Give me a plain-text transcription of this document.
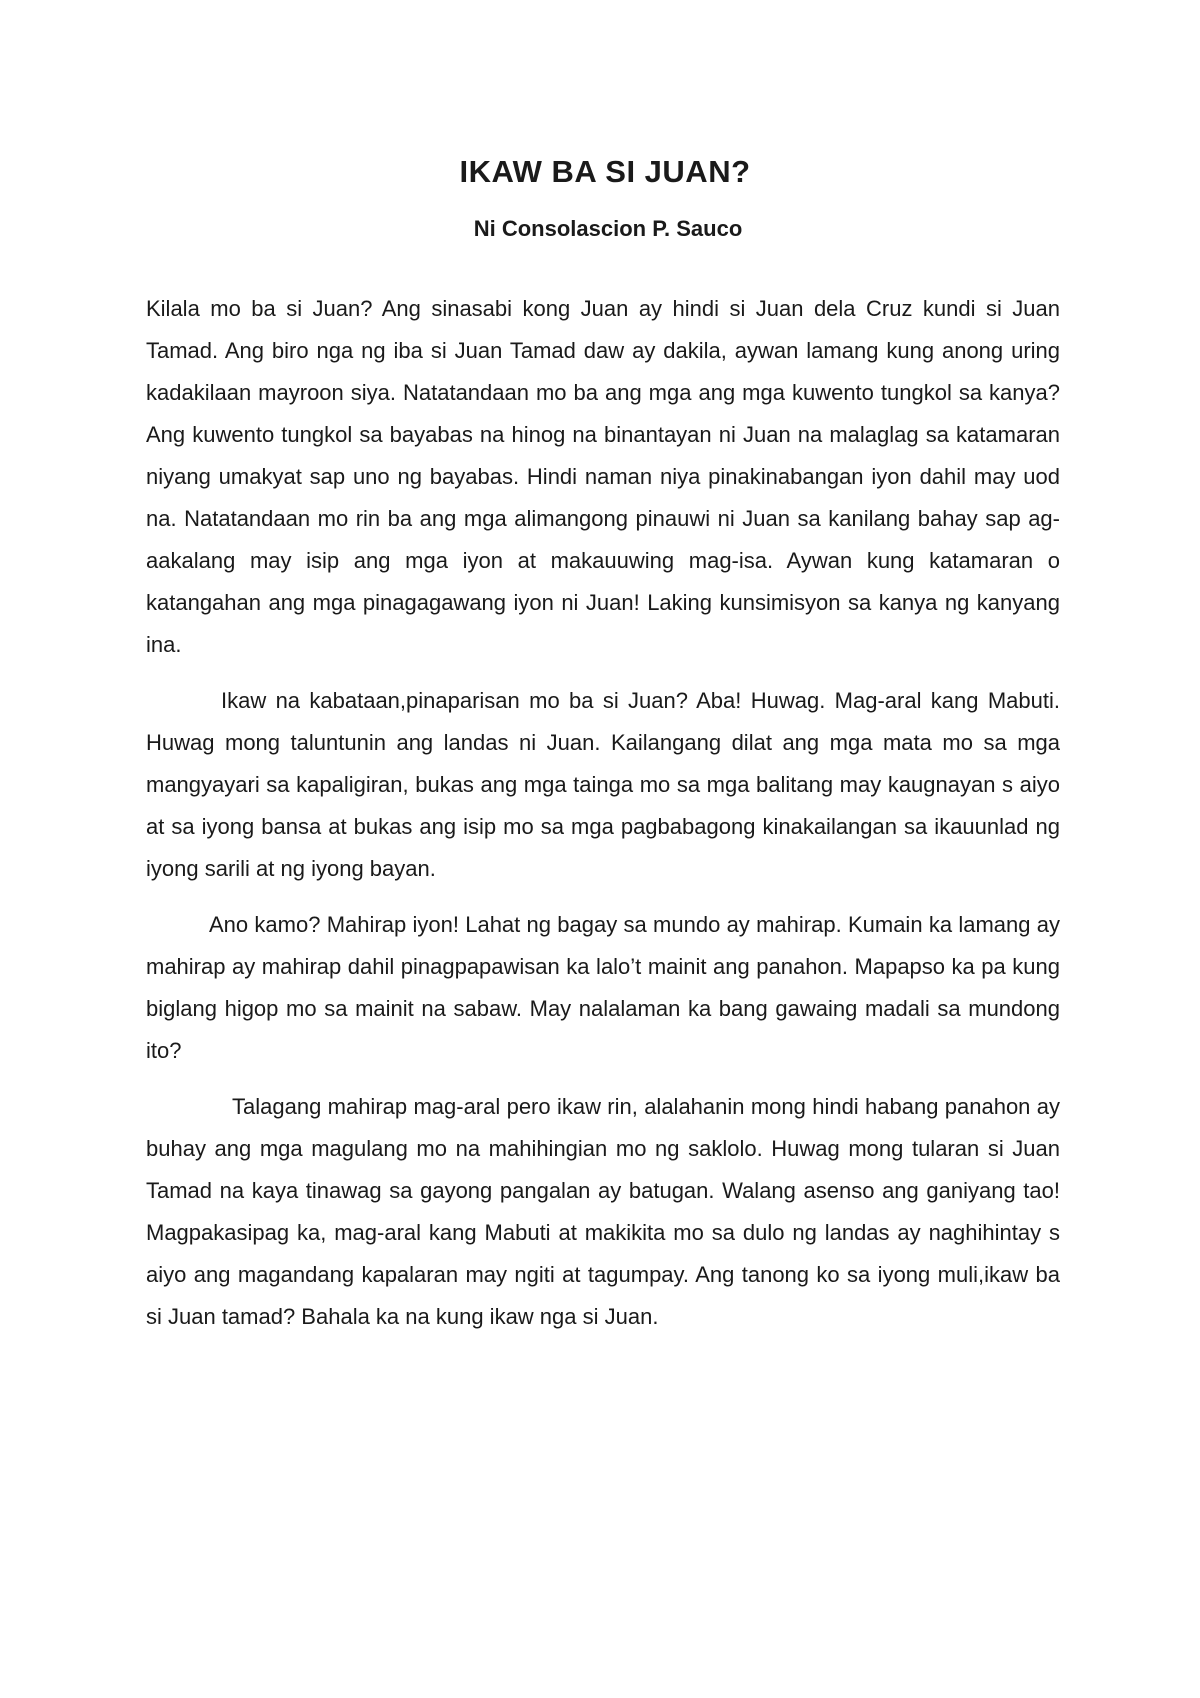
IKAW BA SI JUAN?

Ni Consolascion P. Sauco

Kilala mo ba si Juan? Ang sinasabi kong Juan ay hindi si Juan dela Cruz kundi si Juan Tamad. Ang biro nga ng iba si Juan Tamad daw ay dakila, aywan lamang kung anong uring kadakilaan mayroon siya. Natatandaan mo ba ang mga ang mga kuwento tungkol sa kanya? Ang kuwento tungkol sa bayabas na hinog na binantayan ni Juan na malaglag sa katamaran niyang umakyat sap uno ng bayabas. Hindi naman niya pinakinabangan iyon dahil may uod na. Natatandaan mo rin ba ang mga alimangong pinauwi ni Juan sa kanilang bahay sap ag-aakalang may isip ang mga iyon at makauuwing mag-isa. Aywan kung katamaran o katangahan ang mga pinagagawang iyon ni Juan! Laking kunsimisyon sa kanya ng kanyang ina.

Ikaw na kabataan,pinaparisan mo ba si Juan? Aba! Huwag. Mag-aral kang Mabuti. Huwag mong taluntunin ang landas ni Juan. Kailangang dilat ang mga mata mo sa mga mangyayari sa kapaligiran, bukas ang mga tainga mo sa mga balitang may kaugnayan s aiyo at sa iyong bansa at bukas ang isip mo sa mga pagbabagong kinakailangan sa ikauunlad ng iyong sarili at ng iyong bayan.

Ano kamo? Mahirap iyon! Lahat ng bagay sa mundo ay mahirap. Kumain ka lamang ay mahirap ay mahirap dahil pinagpapawisan ka lalo’t mainit ang panahon. Mapapso ka pa kung biglang higop mo sa mainit na sabaw. May nalalaman ka bang gawaing madali sa mundong ito?

Talagang mahirap mag-aral pero ikaw rin, alalahanin mong hindi habang panahon ay buhay ang mga magulang mo na mahihingian mo ng saklolo. Huwag mong tularan si Juan Tamad na kaya tinawag sa gayong pangalan ay batugan. Walang asenso ang ganiyang tao! Magpakasipag ka, mag-aral kang Mabuti at makikita mo sa dulo ng landas ay naghihintay s aiyo ang magandang kapalaran may ngiti at tagumpay. Ang tanong ko sa iyong muli,ikaw ba si Juan tamad? Bahala ka na kung ikaw nga si Juan.
